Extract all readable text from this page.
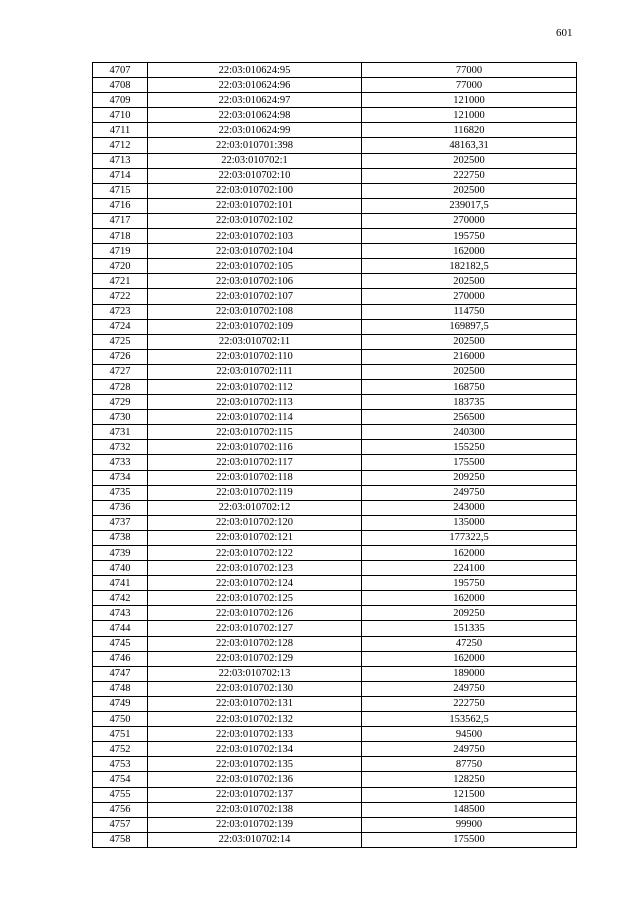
601
4707	22:03:010624:95	77000
4708	22:03:010624:96	77000
4709	22:03:010624:97	121000
4710	22:03:010624:98	121000
4711	22:03:010624:99	116820
4712	22:03:010701:398	48163,31
4713	22:03:010702:1	202500
4714	22:03:010702:10	222750
4715	22:03:010702:100	202500
4716	22:03:010702:101	239017,5
4717	22:03:010702:102	270000
4718	22:03:010702:103	195750
4719	22:03:010702:104	162000
4720	22:03:010702:105	182182,5
4721	22:03:010702:106	202500
4722	22:03:010702:107	270000
4723	22:03:010702:108	114750
4724	22:03:010702:109	169897,5
4725	22:03:010702:11	202500
4726	22:03:010702:110	216000
4727	22:03:010702:111	202500
4728	22:03:010702:112	168750
4729	22:03:010702:113	183735
4730	22:03:010702:114	256500
4731	22:03:010702:115	240300
4732	22:03:010702:116	155250
4733	22:03:010702:117	175500
4734	22:03:010702:118	209250
4735	22:03:010702:119	249750
4736	22:03:010702:12	243000
4737	22:03:010702:120	135000
4738	22:03:010702:121	177322,5
4739	22:03:010702:122	162000
4740	22:03:010702:123	224100
4741	22:03:010702:124	195750
4742	22:03:010702:125	162000
4743	22:03:010702:126	209250
4744	22:03:010702:127	151335
4745	22:03:010702:128	47250
4746	22:03:010702:129	162000
4747	22:03:010702:13	189000
4748	22:03:010702:130	249750
4749	22:03:010702:131	222750
4750	22:03:010702:132	153562,5
4751	22:03:010702:133	94500
4752	22:03:010702:134	249750
4753	22:03:010702:135	87750
4754	22:03:010702:136	128250
4755	22:03:010702:137	121500
4756	22:03:010702:138	148500
4757	22:03:010702:139	99900
4758	22:03:010702:14	175500
